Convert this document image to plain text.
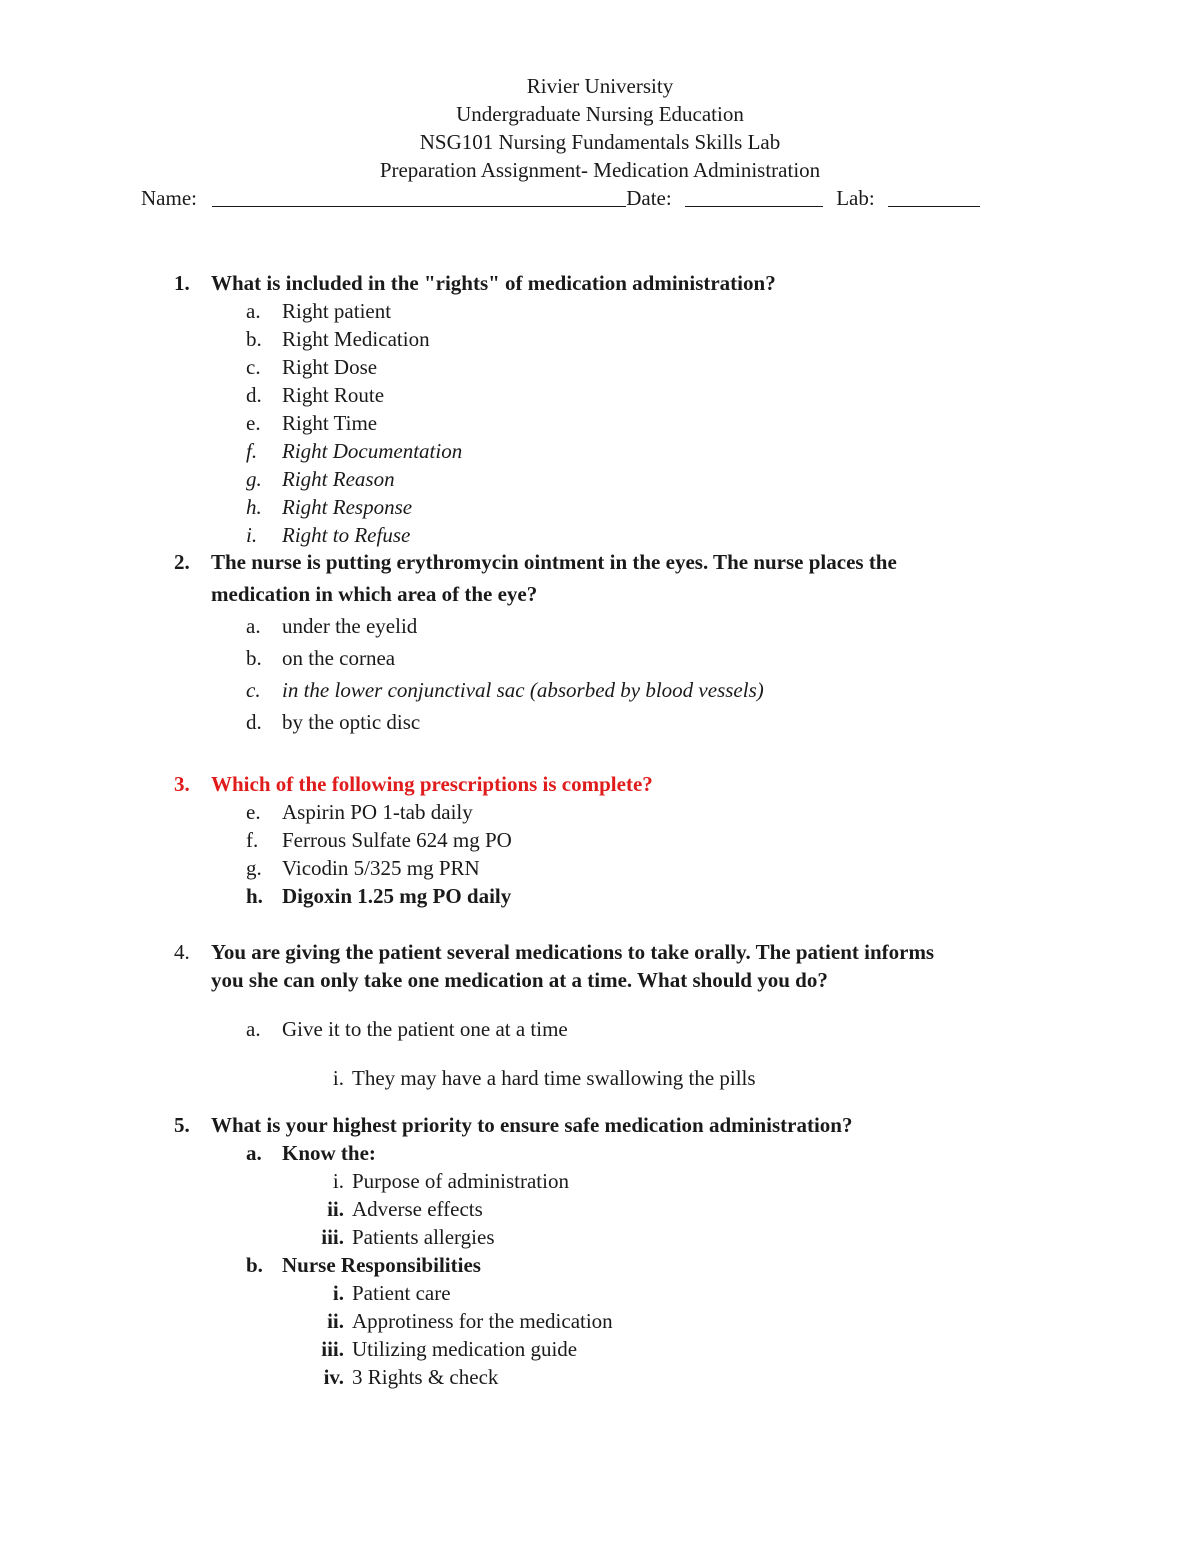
Rivier University
Undergraduate Nursing Education
NSG101 Nursing Fundamentals Skills Lab
Preparation Assignment- Medication Administration
Name:	Date:	Lab:
1.	What is included in the "rights" of medication administration?
a.	Right patient
b. Right Medication
c.	Right Dose
d. Right Route
e.	Right Time
f.	Right Documentation
g. Right Reason
h. Right Response
i.	Right to Refuse
2.	The nurse is putting erythromycin ointment in the eyes. The nurse places the
medication in which area of the eye?
a.	under the eyelid
b. on the cornea
c.	in the lower conjunctival sac (absorbed by blood vessels)
d. by the optic disc
3.	Which of the following prescriptions is complete?
e.	Aspirin PO 1-tab daily
f.	Ferrous Sulfate 624 mg PO
g. Vicodin 5/325 mg PRN
h. Digoxin 1.25 mg PO daily
4.	You are giving the patient several medications to take orally. The patient informs
you she can only take one medication at a time. What should you do?
a.	Give it to the patient one at a time
i. They may have a hard time swallowing the pills
5.	What is your highest priority to ensure safe medication administration?
a. Know the:
i. Purpose of administration
ii. Adverse effects
iii. Patients allergies
b. Nurse Responsibilities
i. Patient care
ii. Approtiness for the medication
iii. Utilizing medication guide
iv. 3 Rights & check
